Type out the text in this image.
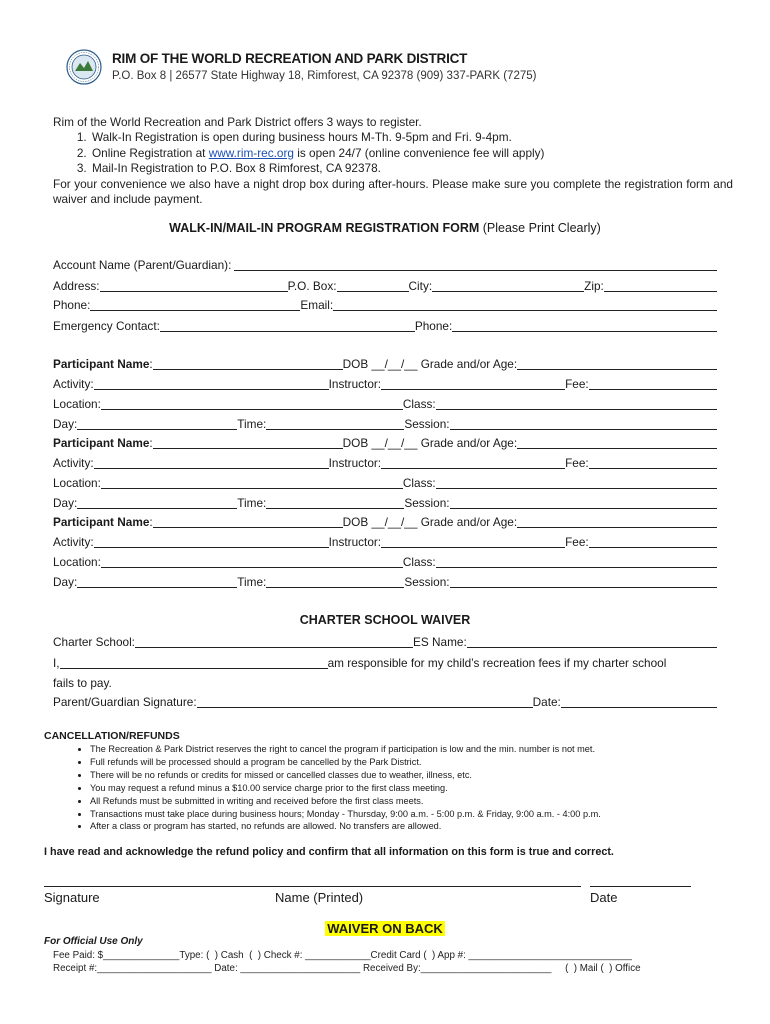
RIM OF THE WORLD RECREATION AND PARK DISTRICT
P.O. Box 8 | 26577 State Highway 18, Rimforest, CA 92378 (909) 337-PARK (7275)
Rim of the World Recreation and Park District offers 3 ways to register.
1. Walk-In Registration is open during business hours M-Th. 9-5pm and Fri. 9-4pm.
2. Online Registration at www.rim-rec.org is open 24/7 (online convenience fee will apply)
3. Mail-In Registration to P.O. Box 8 Rimforest, CA 92378.
For your convenience we also have a night drop box during after-hours. Please make sure you complete the registration form and waiver and include payment.
WALK-IN/MAIL-IN PROGRAM REGISTRATION FORM (Please Print Clearly)
Account Name (Parent/Guardian):
Address:	P.O. Box:	City:	Zip:
Phone:	Email:
Emergency Contact:	Phone:
Participant Name:	DOB __/__/__ Grade and/or Age:
Activity:	Instructor:	Fee:
Location:	Class:
Day:	Time:	Session:
Participant Name:	DOB __/__/__ Grade and/or Age:
Activity:	Instructor:	Fee:
Location:	Class:
Day:	Time:	Session:
Participant Name:	DOB __/__/__ Grade and/or Age:
Activity:	Instructor:	Fee:
Location:	Class:
Day:	Time:	Session:
CHARTER SCHOOL WAIVER
Charter School:	ES Name:
I,	am responsible for my child’s recreation fees if my charter school
fails to pay.
Parent/Guardian Signature:	Date:
CANCELLATION/REFUNDS
• The Recreation & Park District reserves the right to cancel the program if participation is low and the min. number is not met.
• Full refunds will be processed should a program be cancelled by the Park District.
• There will be no refunds or credits for missed or cancelled classes due to weather, illness, etc.
• You may request a refund minus a $10.00 service charge prior to the first class meeting.
• All Refunds must be submitted in writing and received before the first class meets.
• Transactions must take place during business hours; Monday - Thursday, 9:00 a.m. - 5:00 p.m. & Friday, 9:00 a.m. - 4:00 p.m.
• After a class or program has started, no refunds are allowed. No transfers are allowed.
I have read and acknowledge the refund policy and confirm that all information on this form is true and correct.
Signature	Name (Printed)	Date
WAIVER ON BACK
For Official Use Only
Fee Paid: $______________Type: (  ) Cash  (  ) Check #: ____________Credit Card (  ) App #: ______________________________
Receipt #:_____________________ Date: ______________________ Received By:________________________     (  ) Mail (  ) Office
